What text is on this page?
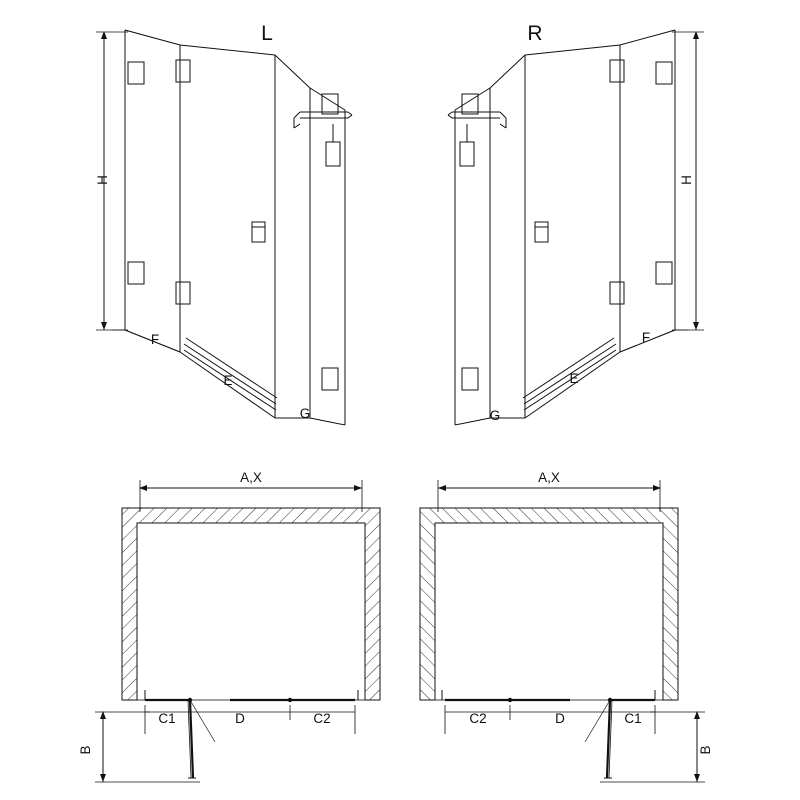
L	R
H	H
F
E
G	G
E
F
A,X	A,X
C1	D	C2	C2	D	C1
B	B
